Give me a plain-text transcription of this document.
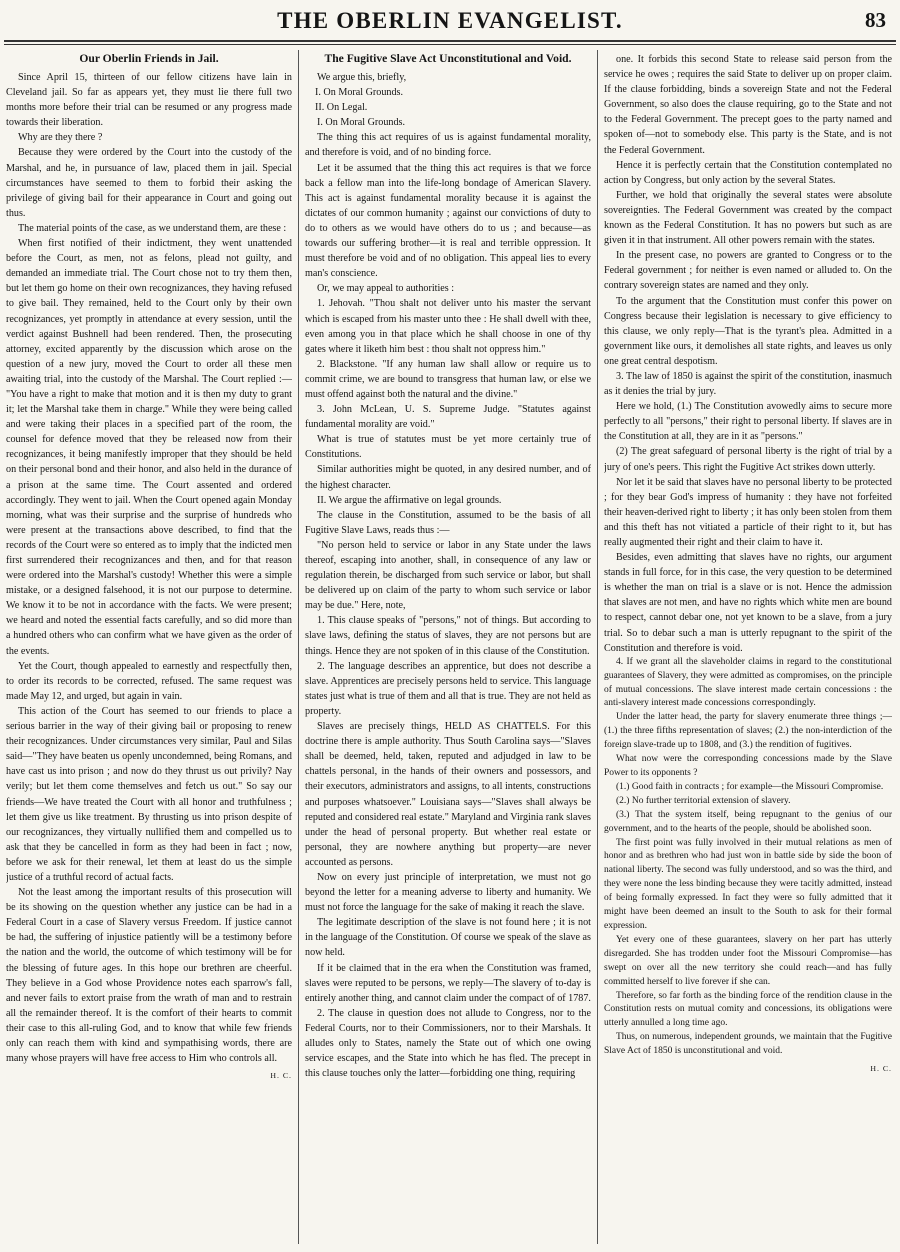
THE OBERLIN EVANGELIST.	83
Our Oberlin Friends in Jail.

Since April 15, thirteen of our fellow citizens have lain in Cleveland jail. So far as appears yet, they must lie there full two months more before their trial can be resumed or any progress made towards their liberation.

Why are they there ?

Because they were ordered by the Court into the custody of the Marshal, and he, in pursuance of law, placed them in jail. Special circumstances have seemed to them to forbid their asking the privilege of giving bail for their appearance in Court and going out thus.

The material points of the case, as we understand them, are these :

When first notified of their indictment, they went unattended before the Court, as men, not as felons, plead not guilty, and demanded an immediate trial. The Court chose not to try them then, but let them go home on their own recognizances, they having refused to give bail. They remained, held to the Court only by their own recognizances, yet promptly in attendance at every session, until the verdict against Bushnell had been rendered. Then, the prosecuting attorney, excited apparently by the discussion which arose on the question of a new jury, moved the Court to order all these men awaiting trial, into the custody of the Marshal. The Court replied :— "You have a right to make that motion and it is then my duty to grant it; let the Marshal take them in charge." While they were being called and were taking their places in a specified part of the room, the counsel for defence moved that they be released now from their recognizances, it being manifestly improper that they should be held on their personal bond and their honor, and also held in the durance of a prison at the same time. The Court assented and ordered accordingly. They went to jail. When the Court opened again Monday morning, what was their surprise and the surprise of hundreds who were present at the transactions above described, to find that the records of the Court were so entered as to imply that the indicted men first surrendered their recognizances and then, and for that reason were ordered into the Marshal's custody! Whether this were a simple mistake, or a designed falsehood, it is not our purpose to determine. We know it to be not in accordance with the facts. We were present; we heard and noted the essential facts carefully, and so did more than a hundred others who can confirm what we have given as the order of the events.

Yet the Court, though appealed to earnestly and respectfully then, to order its records to be corrected, refused. The same request was made May 12, and urged, but again in vain.

This action of the Court has seemed to our friends to place a serious barrier in the way of their giving bail or proposing to renew their recognizances. Under circumstances very similar, Paul and Silas said—"They have beaten us openly uncondemned, being Romans, and have cast us into prison ; and now do they thrust us out privily? Nay verily; but let them come themselves and fetch us out." So say our friends—We have treated the Court with all honor and truthfulness ; let them give us like treatment. By thrusting us into prison despite of our recognizances, they virtually nullified them and compelled us to ask that they be cancelled in form as they had been in fact ; now, before we ask for their renewal, let them at least do us the simple justice of a truthful record of actual facts.

Not the least among the important results of this prosecution will be its showing on the question whether any justice can be had in a Federal Court in a case of Slavery versus Freedom. If justice cannot be had, the suffering of injustice patiently will be a testimony before the nation and the world, the outcome of which testimony will be for the blessing of future ages. In this hope our brethren are cheerful. They believe in a God whose Providence notes each sparrow's fall, and never fails to extort praise from the wrath of man and to restrain all the remainder thereof. It is the comfort of their hearts to commit their case to this all-ruling God, and to know that while few friends only can reach them with kind and sympathising words, there are many whose prayers will have free access to Him who controls all.

H. C.
The Fugitive Slave Act Unconstitutional and Void.

We argue this, briefly,

I. On Moral Grounds.

II. On Legal.

I. On Moral Grounds.

The thing this act requires of us is against fundamental morality, and therefore is void, and of no binding force.

Let it be assumed that the thing this act requires is that we force back a fellow man into the life-long bondage of American Slavery. This act is against fundamental morality because it is against the dictates of our common humanity ; against our convictions of duty to do to others as we would have others do to us ; and because—as towards our suffering brother—it is real and terrible oppression. It must therefore be void and of no obligation. This appeal lies to every man's conscience.

Or, we may appeal to authorities :

1. Jehovah. "Thou shalt not deliver unto his master the servant which is escaped from his master unto thee : He shall dwell with thee, even among you in that place which he shall choose in one of thy gates where it liketh him best : thou shalt not oppress him."

2. Blackstone. "If any human law shall allow or require us to commit crime, we are bound to transgress that human law, or else we must offend against both the natural and the divine."

3. John McLean, U. S. Supreme Judge. "Statutes against fundamental morality are void."

What is true of statutes must be yet more certainly true of Constitutions.

Similar authorities might be quoted, in any desired number, and of the highest character.

II. We argue the affirmative on legal grounds.

The clause in the Constitution, assumed to be the basis of all Fugitive Slave Laws, reads thus :—

"No person held to service or labor in any State under the laws thereof, escaping into another, shall, in consequence of any law or regulation therein, be discharged from such service or labor, but shall be delivered up on claim of the party to whom such service or labor may be due." Here, note,

1. This clause speaks of "persons," not of things. But according to slave laws, defining the status of slaves, they are not persons but are things. Hence they are not spoken of in this clause of the Constitution.

2. The language describes an apprentice, but does not describe a slave. Apprentices are precisely persons held to service. This language states just what is true of them and all that is true. They are not held as property.

Slaves are precisely things, HELD AS CHATTELS. For this doctrine there is ample authority. Thus South Carolina says—"Slaves shall be deemed, held, taken, reputed and adjudged in law to be chattels personal, in the hands of their owners and possessors, and their executors, administrators and assigns, to all intents, constructions and purposes whatsoever." Louisiana says—"Slaves shall always be reputed and considered real estate." Maryland and Virginia rank slaves under the head of personal property. But whether real estate or personal, they are nowhere anything but property—are never accounted as persons.

Now on every just principle of interpretation, we must not go beyond the letter for a meaning adverse to liberty and humanity. We must not force the language for the sake of making it reach the slave.

The legitimate description of the slave is not found here ; it is not in the language of the Constitution. Of course we speak of the slave as now held.

If it be claimed that in the era when the Constitution was framed, slaves were reputed to be persons, we reply—The slavery of to-day is entirely another thing, and cannot claim under the compact of of 1787.

2. The clause in question does not allude to Congress, nor to the Federal Courts, nor to their Commissioners, nor to their Marshals. It alludes only to States, namely the State out of which one owing service escapes, and the State into which he has fled. The precept in this clause touches only the latter—forbidding one thing, requiring

one. It forbids this second State to release said person from the service he owes ; requires the said State to deliver up on proper claim. If the clause forbidding, binds a sovereign State and not the Federal Government, so also does the clause requiring, go to the State and not to the Federal Government. The precept goes to the party named and spoken of—not to somebody else. This party is the State, and is not the Federal Government.

Hence it is perfectly certain that the Constitution contemplated no action by Congress, but only action by the several States.

Further, we hold that originally the several states were absolute sovereignties. The Federal Government was created by the compact known as the Federal Constitution. It has no powers but such as are given it in that instrument. All other powers remain with the states.

In the present case, no powers are granted to Congress or to the Federal government ; for neither is even named or alluded to. On the contrary sovereign states are named and they only.

To the argument that the Constitution must confer this power on Congress because their legislation is necessary to give efficiency to this clause, we only reply—That is the tyrant's plea. Admitted in a government like ours, it demolishes all state rights, and leaves us only one great central despotism.

3. The law of 1850 is against the spirit of the constitution, inasmuch as it denies the trial by jury.

Here we hold, (1.) The Constitution avowedly aims to secure more perfectly to all "persons," their right to personal liberty. If slaves are in the Constitution at all, they are in it as "persons."

(2) The great safeguard of personal liberty is the right of trial by a jury of one's peers. This right the Fugitive Act strikes down utterly.

Nor let it be said that slaves have no personal liberty to be protected ; for they bear God's impress of humanity : they have not forfeited their heaven-derived right to liberty ; it has only been stolen from them and this theft has not vitiated a particle of their right to it, but has really augmented their right and their claim to have it.

Besides, even admitting that slaves have no rights, our argument stands in full force, for in this case, the very question to be determined is whether the man on trial is a slave or is not. Hence the admission that slaves are not men, and have no rights which white men are bound to respect, cannot debar one, not yet known to be a slave, from a jury trial. So to debar such a man is utterly repugnant to the spirit of the Constitution and therefore is void.

4. If we grant all the slaveholder claims in regard to the constitutional guarantees of Slavery, they were admitted as compromises, on the principle of mutual concessions. The slave interest made certain concessions : the anti-slavery interest made concessions correspondingly.

Under the latter head, the party for slavery enumerate three things ;—(1.) the three fifths representation of slaves; (2.) the non-interdiction of the foreign slave-trade up to 1808, and (3.) the rendition of fugitives.

What now were the corresponding concessions made by the Slave Power to its opponents ?

(1.) Good faith in contracts ; for example—the Missouri Compromise.

(2.) No further territorial extension of slavery.

(3.) That the system itself, being repugnant to the genius of our government, and to the hearts of the people, should be abolished soon.

The first point was fully involved in their mutual relations as men of honor and as brethren who had just won in battle side by side the boon of national liberty. The second was fully understood, and so was the third, and they were none the less binding because they were tacitly admitted, instead of being formally expressed. In fact they were so fully admitted that it might have been deemed an insult to the South to ask for their formal expression.

Yet every one of these guarantees, slavery on her part has utterly disregarded. She has trodden under foot the Missouri Compromise—has swept on over all the new territory she could reach—and has fully committed herself to live forever if she can.

Therefore, so far forth as the binding force of the rendition clause in the Constitution rests on mutual comity and concessions, its obligations were utterly annulled a long time ago.

Thus, on numerous, independent grounds, we maintain that the Fugitive Slave Act of 1850 is unconstitutional and void.

H. C.
